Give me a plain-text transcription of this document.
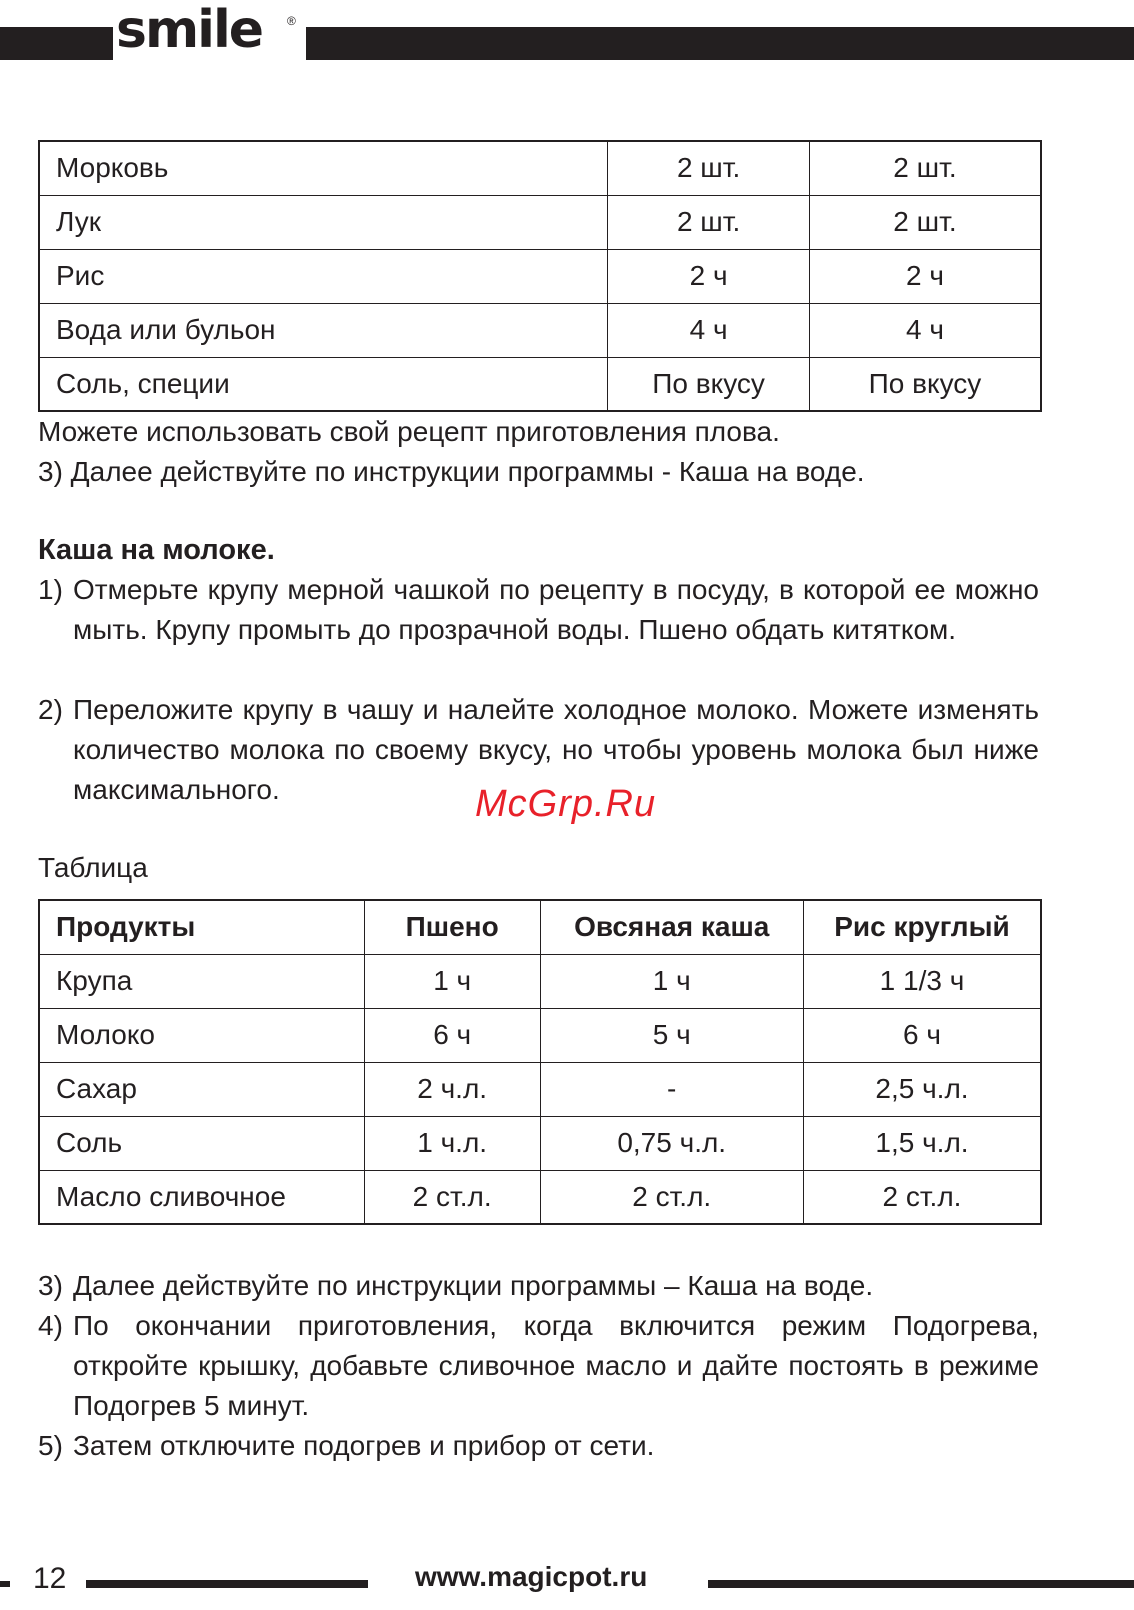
smile ®
Морковь	2 шт.	2 шт.
Лук	2 шт.	2 шт.
Рис	2 ч	2 ч
Вода или бульон	4 ч	4 ч
Соль, специи	По вкусу	По вкусу
Можете использовать свой рецепт приготовления плова.
3) Далее действуйте по инструкции программы - Каша на воде.
Каша на молоке.
1) Отмерьте крупу мерной чашкой по рецепту в посуду, в которой ее можно мыть. Крупу промыть до прозрачной воды. Пшено обдать китятком.
2) Переложите крупу в чашу и налейте холодное молоко. Можете изменять количество молока по своему вкусу, но чтобы уровень молока был ниже максимального.	McGrp.Ru
Таблица
Продукты	Пшено	Овсяная каша	Рис круглый
Крупа	1 ч	1 ч	1 1/3 ч
Молоко	6 ч	5 ч	6 ч
Сахар	2 ч.л.	-	2,5 ч.л.
Соль	1 ч.л.	0,75 ч.л.	1,5 ч.л.
Масло сливочное	2 ст.л.	2 ст.л.	2 ст.л.
3) Далее действуйте по инструкции программы – Каша на воде.
4) По окончании приготовления, когда включится режим Подогрева, откройте крышку, добавьте сливочное масло и дайте постоять в режиме Подогрев 5 минут.
5) Затем отключите подогрев и прибор от сети.
12	www.magicpot.ru
